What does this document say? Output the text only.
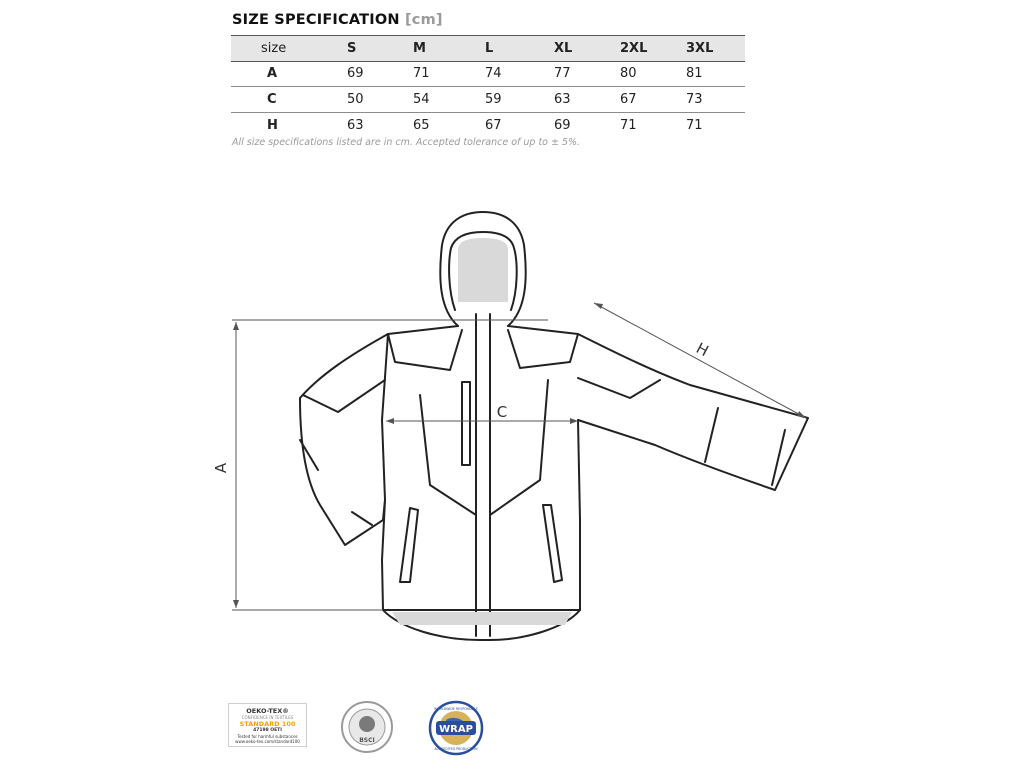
SIZE SPECIFICATION [cm]
size	S	M	L	XL	2XL	3XL
A	69	71	74	77	80	81
C	50	54	59	63	67	73
H	63	65	67	69	71	71
All size specifications listed are in cm. Accepted tolerance of up to ± 5%.
A
C
H
OEKO-TEX®
CONFIDENCE IN TEXTILES
STANDARD 100
47198 OETI
Tested for harmful substances
www.oeko-tex.com/standard100	BSCI
WRAP
WORLDWIDE RESPONSIBLE
ACCREDITED PRODUCTION
